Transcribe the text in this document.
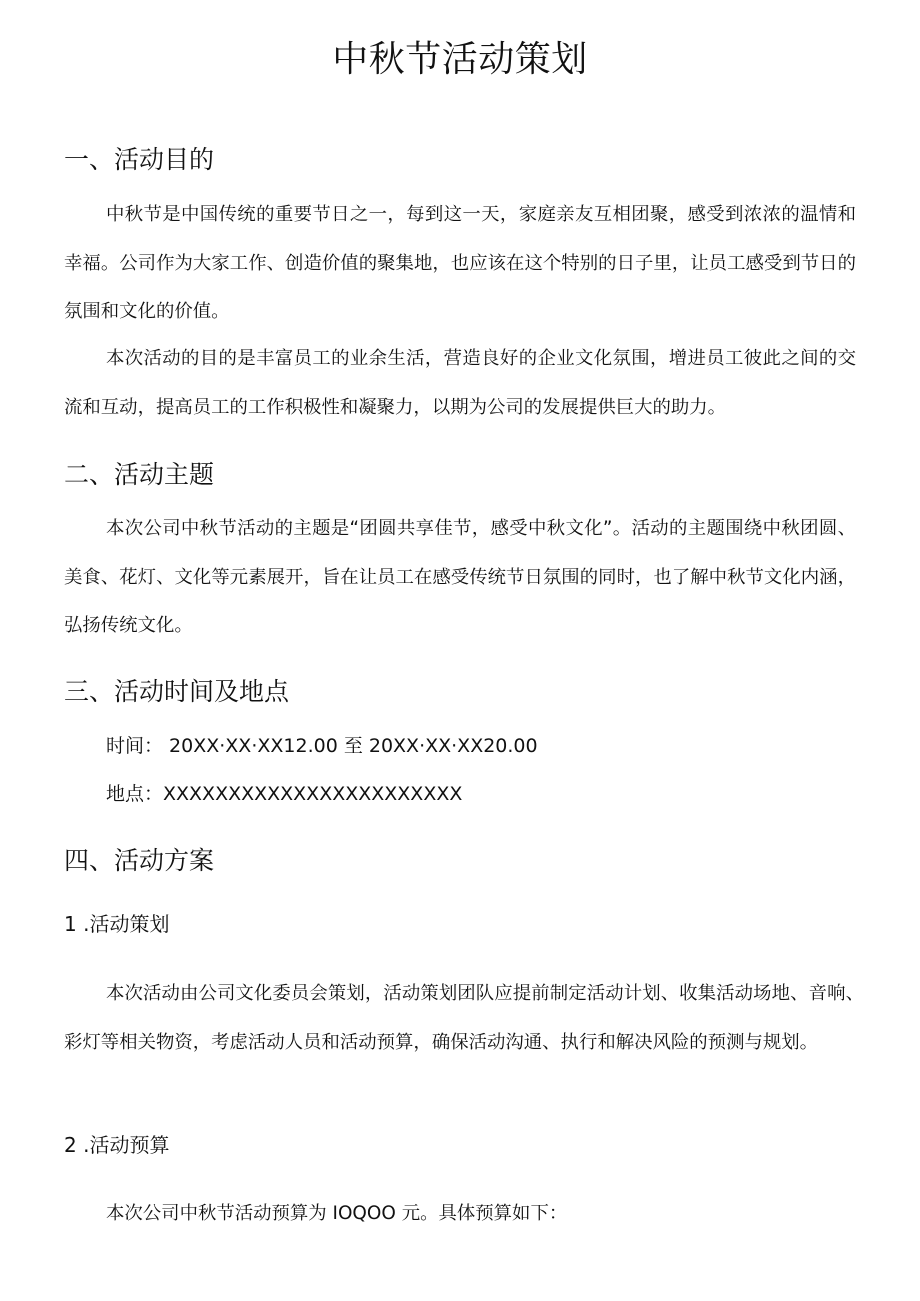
中秋节活动策划
一、活动目的

中秋节是中国传统的重要节日之一，每到这一天，家庭亲友互相团聚，感受到浓浓的温情和幸福。公司作为大家工作、创造价值的聚集地，也应该在这个特别的日子里，让员工感受到节日的氛围和文化的价值。

本次活动的目的是丰富员工的业余生活，营造良好的企业文化氛围，增进员工彼此之间的交流和互动，提高员工的工作积极性和凝聚力，以期为公司的发展提供巨大的助力。

二、活动主题

本次公司中秋节活动的主题是“团圆共享佳节，感受中秋文化”。活动的主题围绕中秋团圆、美食、花灯、文化等元素展开，旨在让员工在感受传统节日氛围的同时，也了解中秋节文化内涵，弘扬传统文化。

三、活动时间及地点
时间： 20XX·XX·XX12.00 至 20XX·XX·XX20.00
地点：XXXXXXXXXXXXXXXXXXXXXXX
四、活动方案
1 .活动策划

本次活动由公司文化委员会策划，活动策划团队应提前制定活动计划、收集活动场地、音响、彩灯等相关物资，考虑活动人员和活动预算，确保活动沟通、执行和解决风险的预测与规划。

2 .活动预算
本次公司中秋节活动预算为 IOQOO 元。具体预算如下：
